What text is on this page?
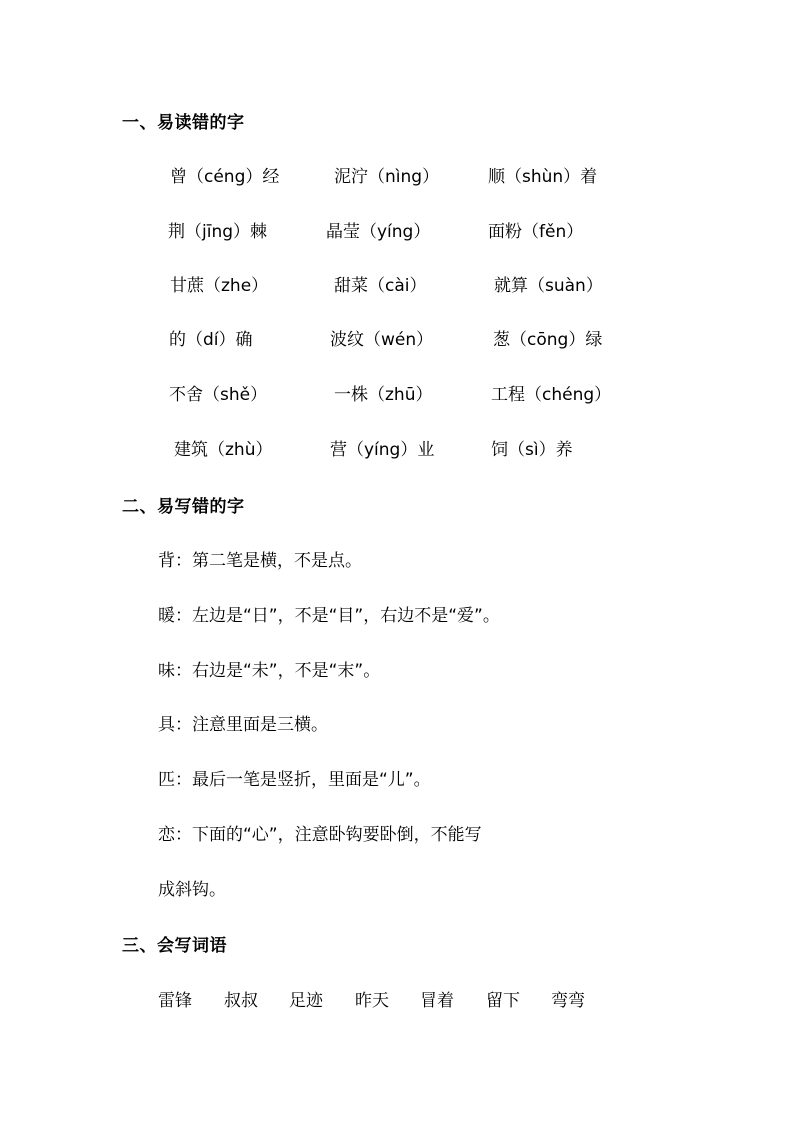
一、易读错的字
曾（céng）经	泥泞（nìng）	顺（shùn）着
荆（jīng）棘	晶莹（yíng）	面粉（fěn）
甘蔗（zhe）	甜菜（cài）	就算（suàn）
的（dí）确	波纹（wén）	葱（cōng）绿
不舍（shě）	一株（zhū）	工程（chéng）
建筑（zhù）	营（yíng）业	饲（sì）养
二、易写错的字
背：第二笔是横，不是点。
暖：左边是“日”，不是“目”，右边不是“爱”。
味：右边是“未”，不是“末”。
具：注意里面是三横。
匹：最后一笔是竖折，里面是“儿”。
恋：下面的“心”，注意卧钩要卧倒，不能写
成斜钩。
三、会写词语
雷锋 叔叔 足迹 昨天 冒着 留下 弯弯
